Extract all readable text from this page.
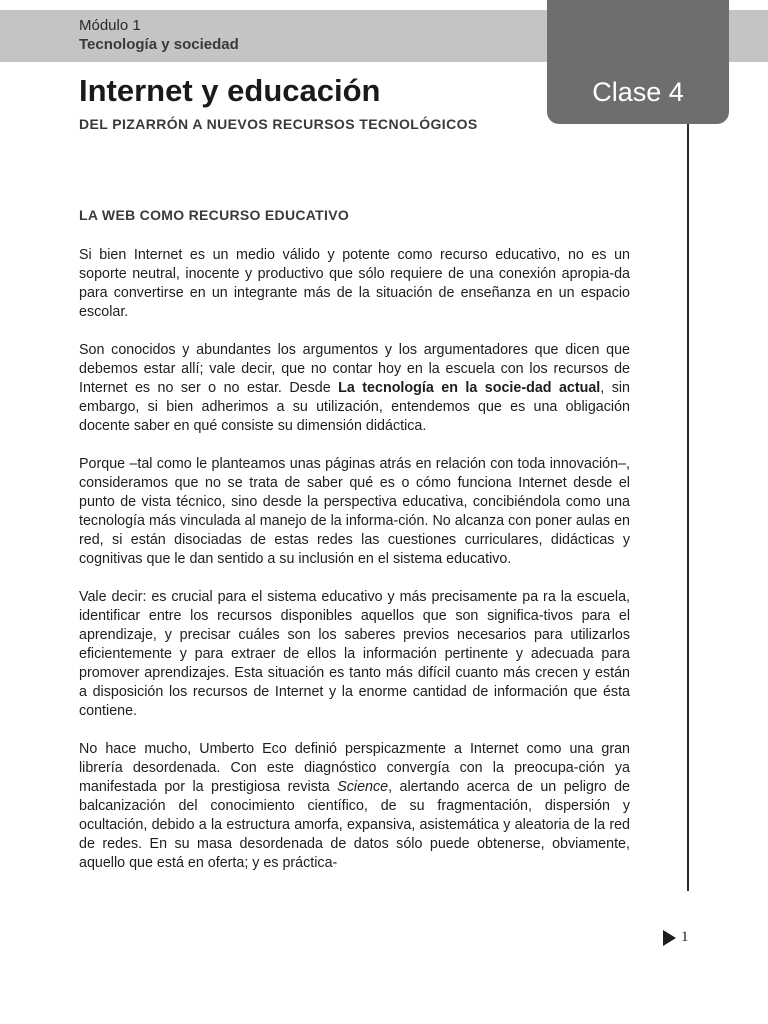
Módulo 1
Tecnología y sociedad
Clase 4
Internet y educación
DEL PIZARRÓN A NUEVOS RECURSOS TECNOLÓGICOS
LA WEB COMO RECURSO EDUCATIVO

Si bien Internet es un medio válido y potente como recurso educativo, no es un soporte neutral, inocente y productivo que sólo requiere de una conexión apropia-da para convertirse en un integrante más de la situación de enseñanza en un espacio escolar.

Son conocidos y abundantes los argumentos y los argumentadores que dicen que debemos estar allí; vale decir, que no contar hoy en la escuela con los recursos de Internet es no ser o no estar. Desde La tecnología en la socie-dad actual, sin embargo, si bien adherimos a su utilización, entendemos que es una obligación docente saber en qué consiste su dimensión didáctica.

Porque –tal como le planteamos unas páginas atrás en relación con toda innovación–, consideramos que no se trata de saber qué es o cómo funciona Internet desde el punto de vista técnico, sino desde la perspectiva educativa, concibiéndola como una tecnología más vinculada al manejo de la informa-ción. No alcanza con poner aulas en red, si están disociadas de estas redes las cuestiones curriculares, didácticas y cognitivas que le dan sentido a su inclusión en el sistema educativo.

Vale decir: es crucial para el sistema educativo y más precisamente pa ra la escuela, identificar entre los recursos disponibles aquellos que son significa-tivos para el aprendizaje, y precisar cuáles son los saberes previos necesarios para utilizarlos eficientemente y para extraer de ellos la información pertinente y adecuada para promover aprendizajes. Esta situación es tanto más difícil cuanto más crecen y están a disposición los recursos de Internet y la enorme cantidad de información que ésta contiene.

No hace mucho, Umberto Eco definió perspicazmente a Internet como una gran librería desordenada. Con este diagnóstico convergía con la preocupa-ción ya manifestada por la prestigiosa revista Science, alertando acerca de un peligro de balcanización del conocimiento científico, de su fragmentación, dispersión y ocultación, debido a la estructura amorfa, expansiva, asistemática y aleatoria de la red de redes. En su masa desordenada de datos sólo puede obtenerse, obviamente, aquello que está en oferta; y es práctica-

1
